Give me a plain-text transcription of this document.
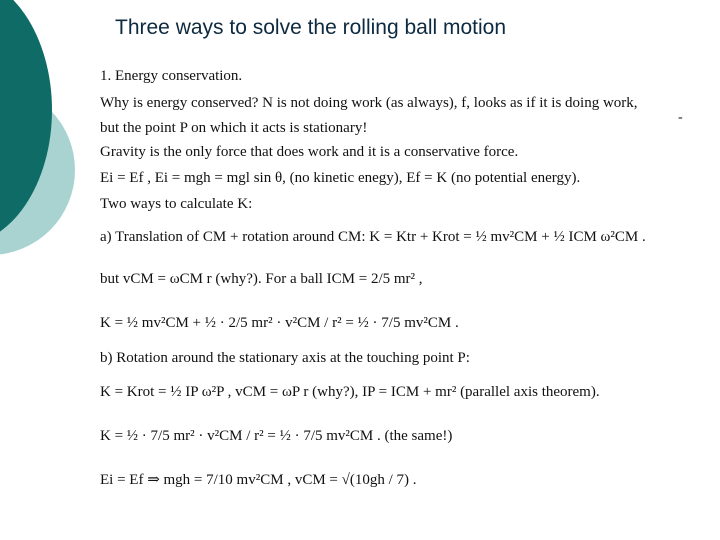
Three ways to solve the rolling ball motion
1. Energy conservation.
Why is energy conserved? N is not doing work (as always), f, looks as if it is doing work,
but the point P on which it acts is stationary!
Gravity is the only force that does work and it is a conservative force.
Ei = Ef , Ei = mgh = mgl sin θ, (no kinetic enegy), Ef = K (no potential energy).
Two ways to calculate K:
a) Translation of CM + rotation around CM: K = Ktr + Krot = ½ mv²CM + ½ ICM ω²CM .
but vCM = ωCM r (why?). For a ball ICM = 2/5 mr² ,
K = ½ mv²CM + ½ · 2/5 mr² · v²CM / r² = ½ · 7/5 mv²CM .
b) Rotation around the stationary axis at the touching point P:
K = Krot = ½ IP ω²P , vCM = ωP r (why?), IP = ICM + mr² (parallel axis theorem).
K = ½ · 7/5 mr² · v²CM / r² = ½ · 7/5 mv²CM . (the same!)
Ei = Ef ⇒ mgh = 7/10 mv²CM , vCM = √(10gh / 7) .
-
